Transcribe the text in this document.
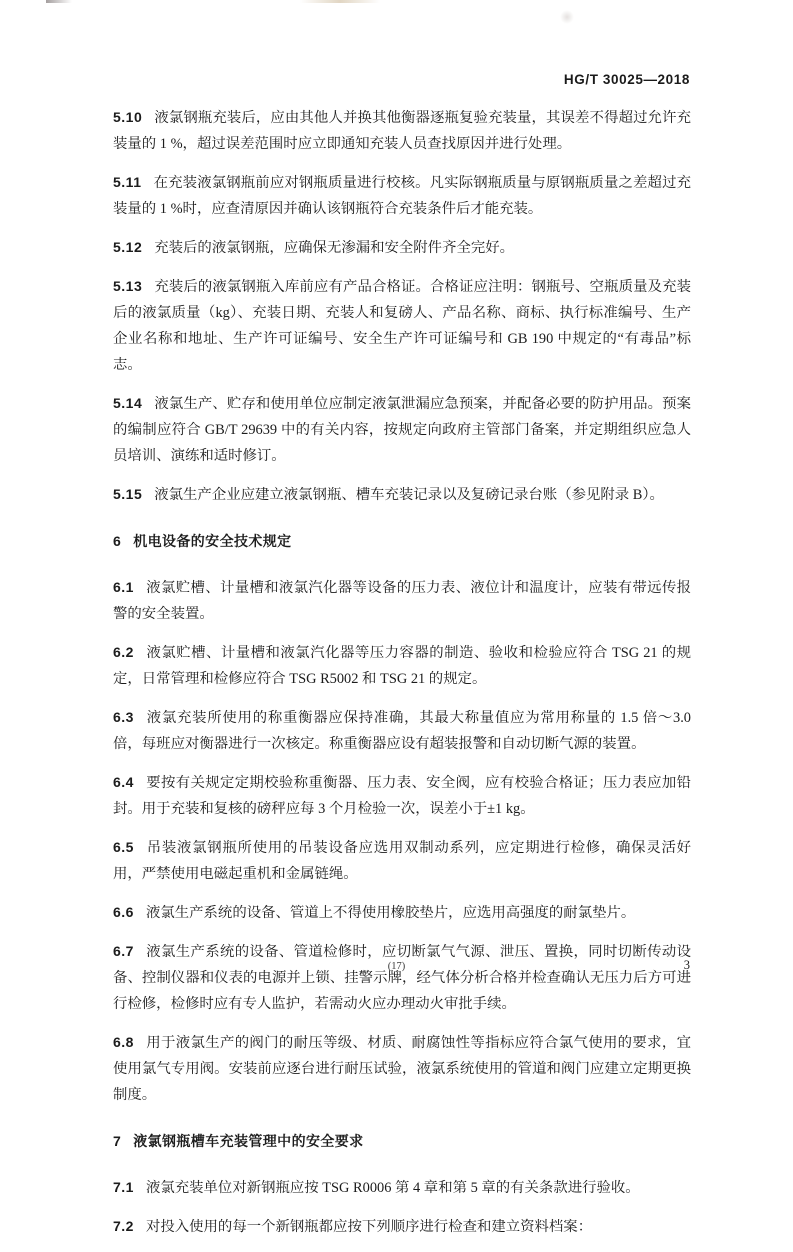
HG/T 30025—2018

5.10 液氯钢瓶充装后，应由其他人并换其他衡器逐瓶复验充装量，其误差不得超过允许充装量的 1 %，超过误差范围时应立即通知充装人员查找原因并进行处理。

5.11 在充装液氯钢瓶前应对钢瓶质量进行校核。凡实际钢瓶质量与原钢瓶质量之差超过充装量的 1 %时，应查清原因并确认该钢瓶符合充装条件后才能充装。

5.12 充装后的液氯钢瓶，应确保无渗漏和安全附件齐全完好。

5.13 充装后的液氯钢瓶入库前应有产品合格证。合格证应注明：钢瓶号、空瓶质量及充装后的液氯质量（kg）、充装日期、充装人和复磅人、产品名称、商标、执行标准编号、生产企业名称和地址、生产许可证编号、安全生产许可证编号和 GB 190 中规定的“有毒品”标志。

5.14 液氯生产、贮存和使用单位应制定液氯泄漏应急预案，并配备必要的防护用品。预案的编制应符合 GB/T 29639 中的有关内容，按规定向政府主管部门备案，并定期组织应急人员培训、演练和适时修订。

5.15 液氯生产企业应建立液氯钢瓶、槽车充装记录以及复磅记录台账（参见附录 B）。

6 机电设备的安全技术规定

6.1 液氯贮槽、计量槽和液氯汽化器等设备的压力表、液位计和温度计，应装有带远传报警的安全装置。

6.2 液氯贮槽、计量槽和液氯汽化器等压力容器的制造、验收和检验应符合 TSG 21 的规定，日常管理和检修应符合 TSG R5002 和 TSG 21 的规定。

6.3 液氯充装所使用的称重衡器应保持准确，其最大称量值应为常用称量的 1.5 倍～3.0 倍，每班应对衡器进行一次核定。称重衡器应设有超装报警和自动切断气源的装置。

6.4 要按有关规定定期校验称重衡器、压力表、安全阀，应有校验合格证；压力表应加铅封。用于充装和复核的磅秤应每 3 个月检验一次，误差小于±1 kg。

6.5 吊装液氯钢瓶所使用的吊装设备应选用双制动系列，应定期进行检修，确保灵活好用，严禁使用电磁起重机和金属链绳。

6.6 液氯生产系统的设备、管道上不得使用橡胶垫片，应选用高强度的耐氯垫片。

6.7 液氯生产系统的设备、管道检修时，应切断氯气气源、泄压、置换，同时切断传动设备、控制仪器和仪表的电源并上锁、挂警示牌，经气体分析合格并检查确认无压力后方可进行检修，检修时应有专人监护，若需动火应办理动火审批手续。

6.8 用于液氯生产的阀门的耐压等级、材质、耐腐蚀性等指标应符合氯气使用的要求，宜使用氯气专用阀。安装前应逐台进行耐压试验，液氯系统使用的管道和阀门应建立定期更换制度。

7 液氯钢瓶槽车充装管理中的安全要求

7.1 液氯充装单位对新钢瓶应按 TSG R0006 第 4 章和第 5 章的有关条款进行验收。

7.2 对投入使用的每一个新钢瓶都应按下列顺序进行检查和建立资料档案：

(17)	3
